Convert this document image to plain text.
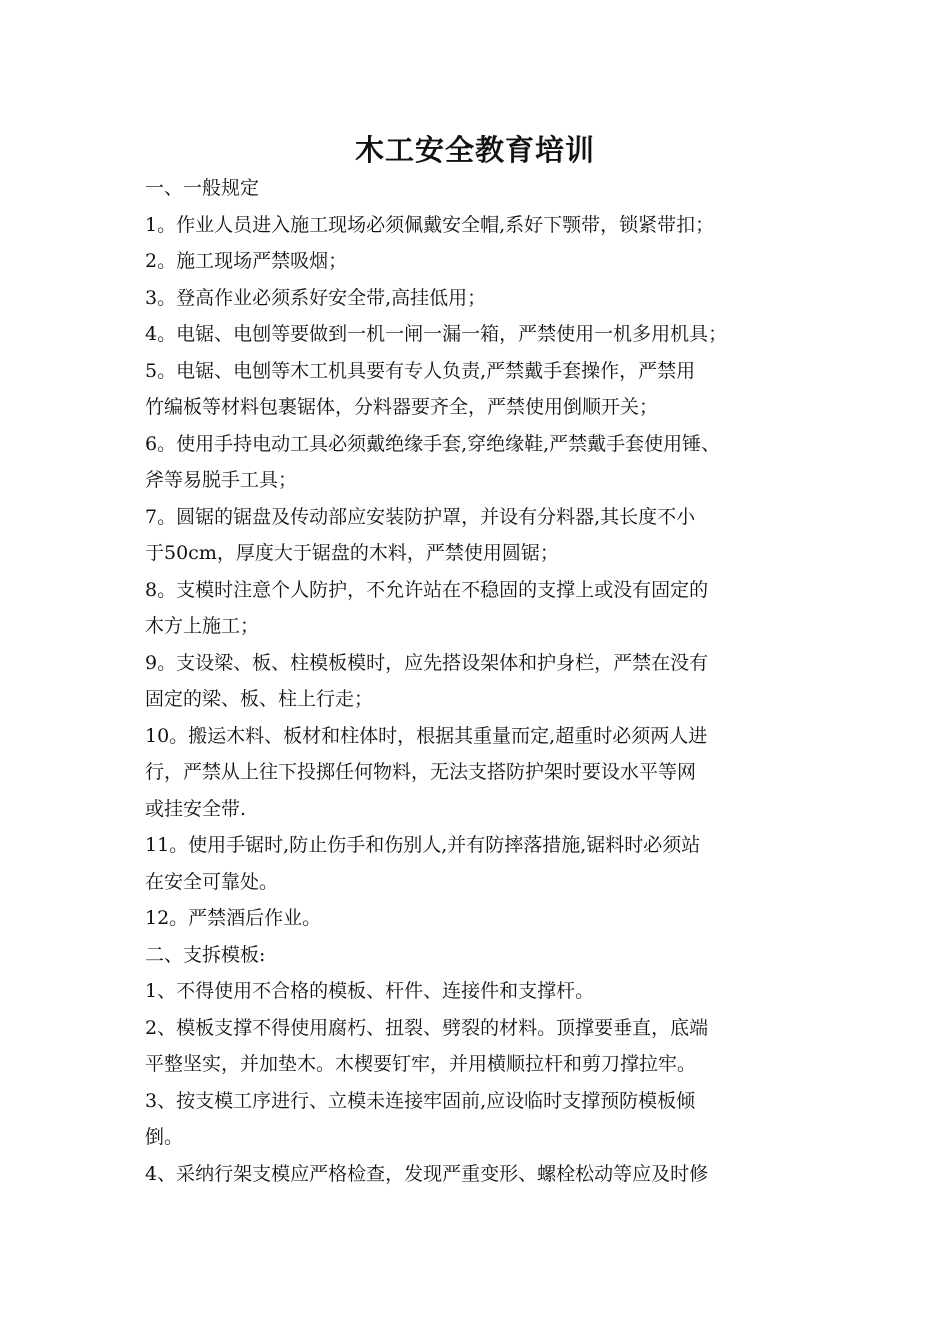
木工安全教育培训
一、一般规定
1。作业人员进入施工现场必须佩戴安全帽,系好下颚带，锁紧带扣；
2。施工现场严禁吸烟；
3。登高作业必须系好安全带,高挂低用；
4。电锯、电刨等要做到一机一闸一漏一箱，严禁使用一机多用机具；
5。电锯、电刨等木工机具要有专人负责,严禁戴手套操作，严禁用
竹编板等材料包裹锯体，分料器要齐全，严禁使用倒顺开关；
6。使用手持电动工具必须戴绝缘手套,穿绝缘鞋,严禁戴手套使用锤、
斧等易脱手工具；
7。圆锯的锯盘及传动部应安装防护罩，并设有分料器,其长度不小
于50cm，厚度大于锯盘的木料，严禁使用圆锯；
8。支模时注意个人防护，不允许站在不稳固的支撑上或没有固定的
木方上施工；
9。支设梁、板、柱模板模时，应先搭设架体和护身栏，严禁在没有
固定的梁、板、柱上行走；
10。搬运木料、板材和柱体时，根据其重量而定,超重时必须两人进
行，严禁从上往下投掷任何物料，无法支搭防护架时要设水平等网
或挂安全带.
11。使用手锯时,防止伤手和伤别人,并有防摔落措施,锯料时必须站
在安全可靠处。
12。严禁酒后作业。
二、支拆模板:
1、不得使用不合格的模板、杆件、连接件和支撑杆。
2、模板支撑不得使用腐朽、扭裂、劈裂的材料。顶撑要垂直，底端
平整坚实，并加垫木。木楔要钉牢，并用横顺拉杆和剪刀撑拉牢。
3、按支模工序进行、立模未连接牢固前,应设临时支撑预防模板倾
倒。
4、采纳行架支模应严格检查，发现严重变形、螺栓松动等应及时修
